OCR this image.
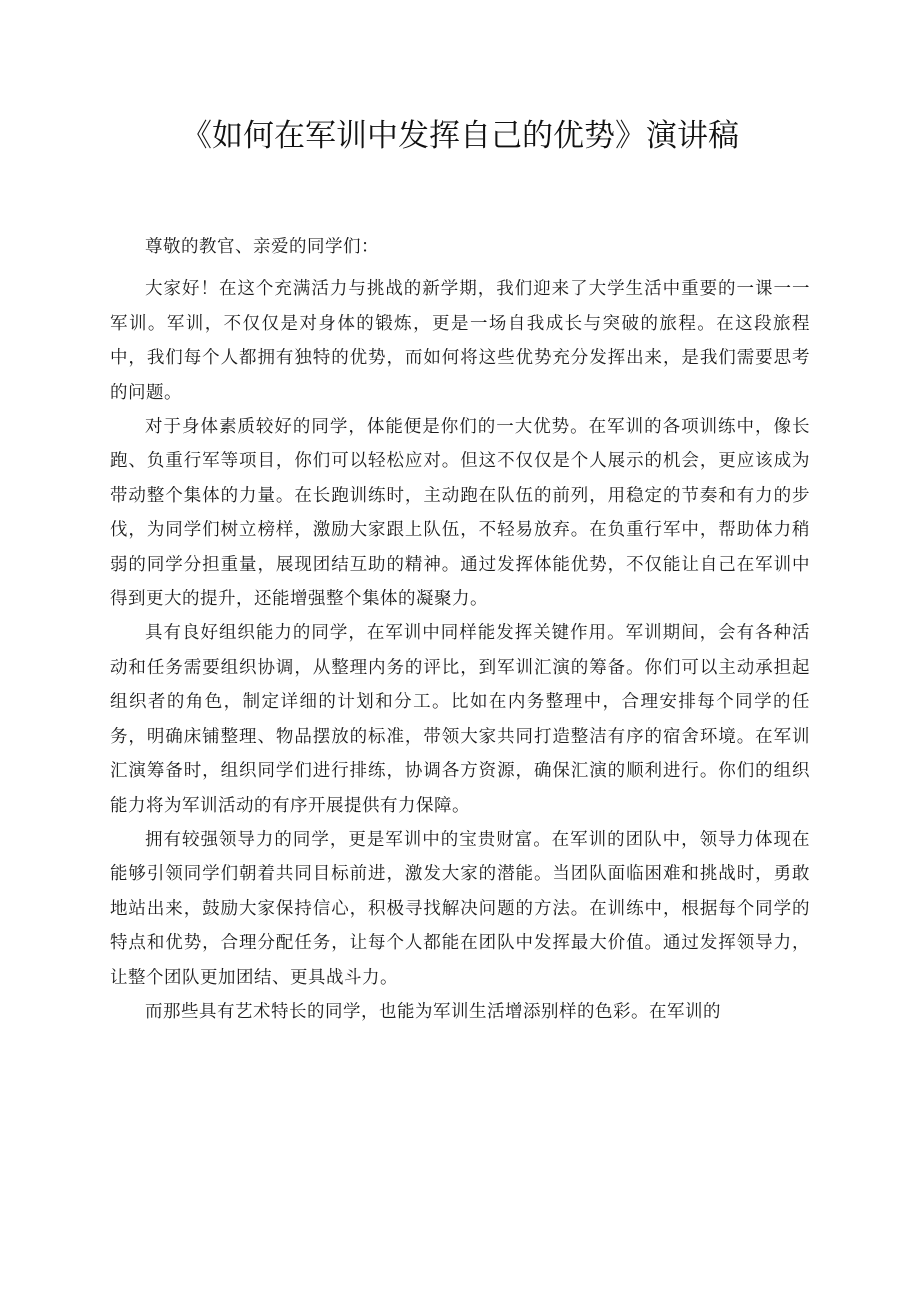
《如何在军训中发挥自己的优势》演讲稿

尊敬的教官、亲爱的同学们：

大家好！在这个充满活力与挑战的新学期，我们迎来了大学生活中重要的一课一一军训。军训，不仅仅是对身体的锻炼，更是一场自我成长与突破的旅程。在这段旅程中，我们每个人都拥有独特的优势，而如何将这些优势充分发挥出来，是我们需要思考的问题。

对于身体素质较好的同学，体能便是你们的一大优势。在军训的各项训练中，像长跑、负重行军等项目，你们可以轻松应对。但这不仅仅是个人展示的机会，更应该成为带动整个集体的力量。在长跑训练时，主动跑在队伍的前列，用稳定的节奏和有力的步伐，为同学们树立榜样，激励大家跟上队伍，不轻易放弃。在负重行军中，帮助体力稍弱的同学分担重量，展现团结互助的精神。通过发挥体能优势，不仅能让自己在军训中得到更大的提升，还能增强整个集体的凝聚力。

具有良好组织能力的同学，在军训中同样能发挥关键作用。军训期间，会有各种活动和任务需要组织协调，从整理内务的评比，到军训汇演的筹备。你们可以主动承担起组织者的角色，制定详细的计划和分工。比如在内务整理中，合理安排每个同学的任务，明确床铺整理、物品摆放的标准，带领大家共同打造整洁有序的宿舍环境。在军训汇演筹备时，组织同学们进行排练，协调各方资源，确保汇演的顺利进行。你们的组织能力将为军训活动的有序开展提供有力保障。

拥有较强领导力的同学，更是军训中的宝贵财富。在军训的团队中，领导力体现在能够引领同学们朝着共同目标前进，激发大家的潜能。当团队面临困难和挑战时，勇敢地站出来，鼓励大家保持信心，积极寻找解决问题的方法。在训练中，根据每个同学的特点和优势，合理分配任务，让每个人都能在团队中发挥最大价值。通过发挥领导力，让整个团队更加团结、更具战斗力。

而那些具有艺术特长的同学，也能为军训生活增添别样的色彩。在军训的
